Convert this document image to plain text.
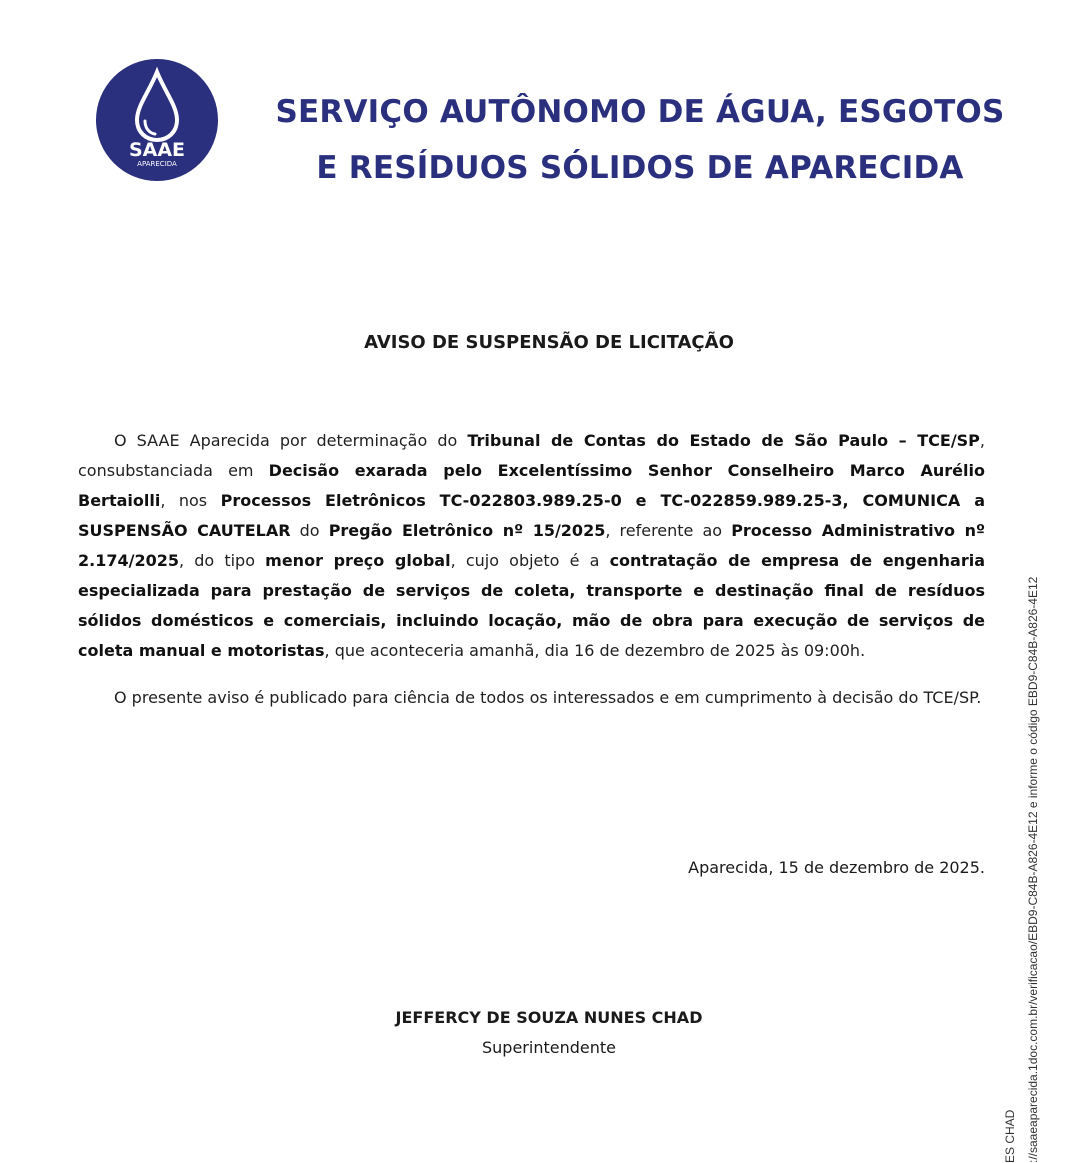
SAAE
APARECIDA
SERVIÇO AUTÔNOMO DE ÁGUA, ESGOTOS
E RESÍDUOS SÓLIDOS DE APARECIDA
AVISO DE SUSPENSÃO DE LICITAÇÃO

O SAAE Aparecida por determinação do Tribunal de Contas do Estado de São Paulo – TCE/SP, consubstanciada em Decisão exarada pelo Excelentíssimo Senhor Conselheiro Marco Aurélio Bertaiolli, nos Processos Eletrônicos TC-022803.989.25-0 e TC-022859.989.25-3, COMUNICA a SUSPENSÃO CAUTELAR do Pregão Eletrônico nº 15/2025, referente ao Processo Administrativo nº 2.174/2025, do tipo menor preço global, cujo objeto é a contratação de empresa de engenharia especializada para prestação de serviços de coleta, transporte e destinação final de resíduos sólidos domésticos e comerciais, incluindo locação, mão de obra para execução de serviços de coleta manual e motoristas, que aconteceria amanhã, dia 16 de dezembro de 2025 às 09:00h.

O presente aviso é publicado para ciência de todos os interessados e em cumprimento à decisão do TCE/SP.

Aparecida, 15 de dezembro de 2025.
JEFFERCY DE SOUZA NUNES CHAD
Superintendente	://saaeaparecida.1doc.com.br/verificacao/EBD9-C84B-A826-4E12 e informe o código EBD9-C84B-A826-4E12
ES CHAD
